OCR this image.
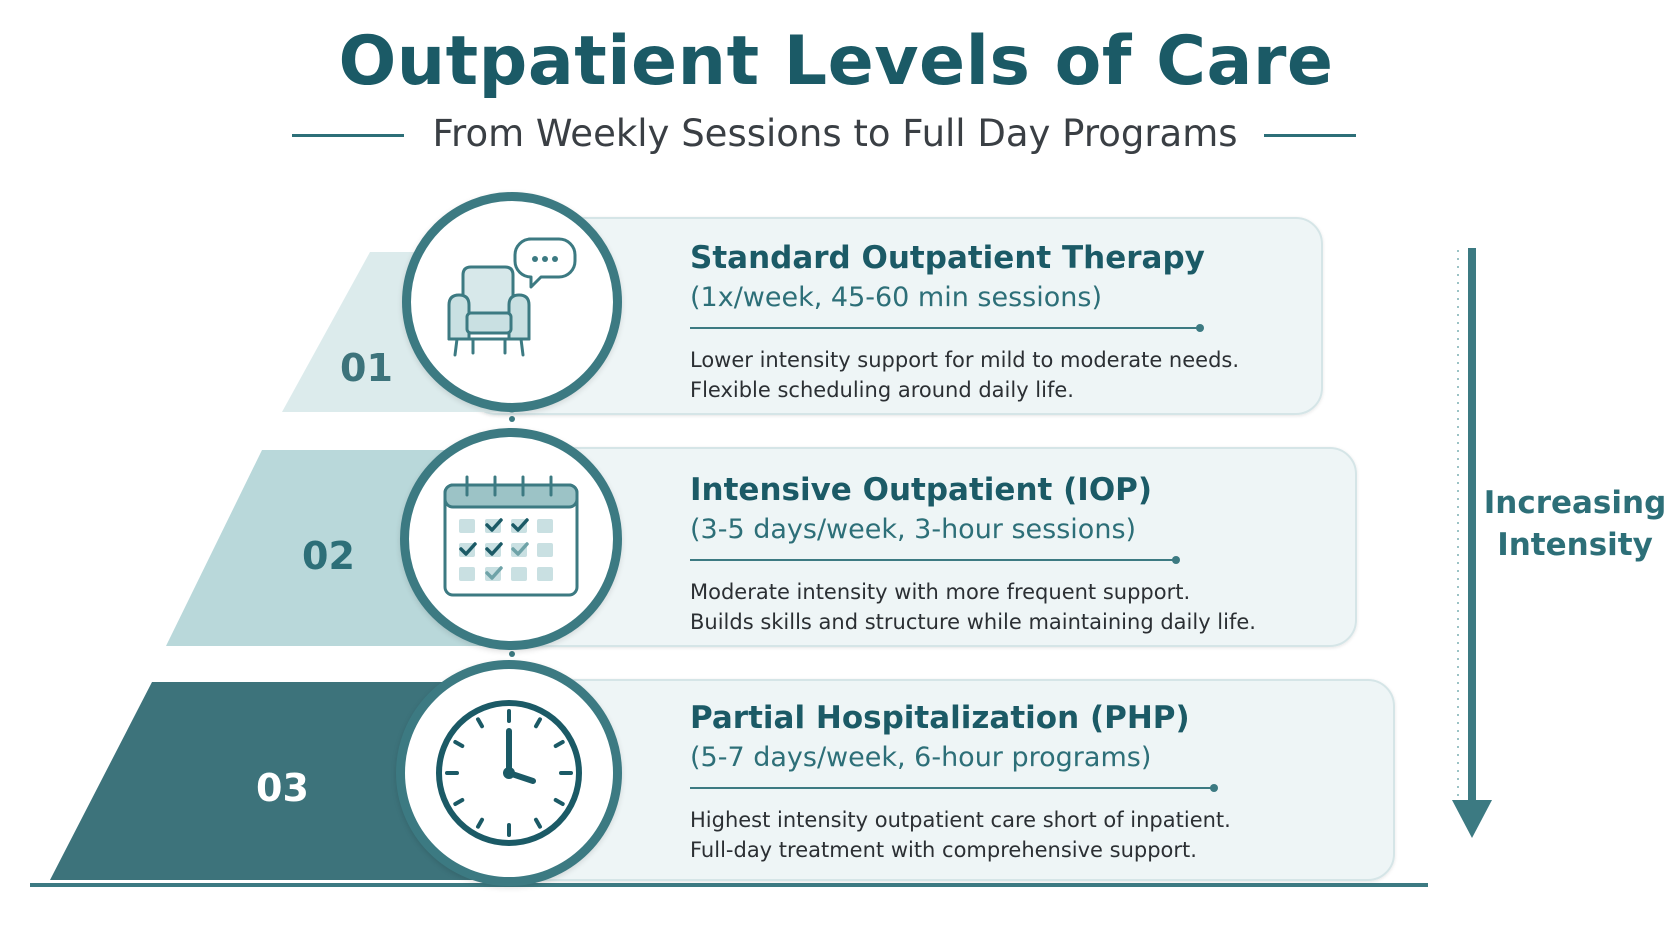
Outpatient Levels of Care
From Weekly Sessions to Full Day Programs
01
02
03
Standard Outpatient Therapy
(1x/week, 45-60 min sessions)
Lower intensity support for mild to moderate needs.
Flexible scheduling around daily life.
Intensive Outpatient (IOP)
(3-5 days/week, 3-hour sessions)
Moderate intensity with more frequent support.
Builds skills and structure while maintaining daily life.
Partial Hospitalization (PHP)
(5-7 days/week, 6-hour programs)
Highest intensity outpatient care short of inpatient.
Full-day treatment with comprehensive support.
Increasing
Intensity
